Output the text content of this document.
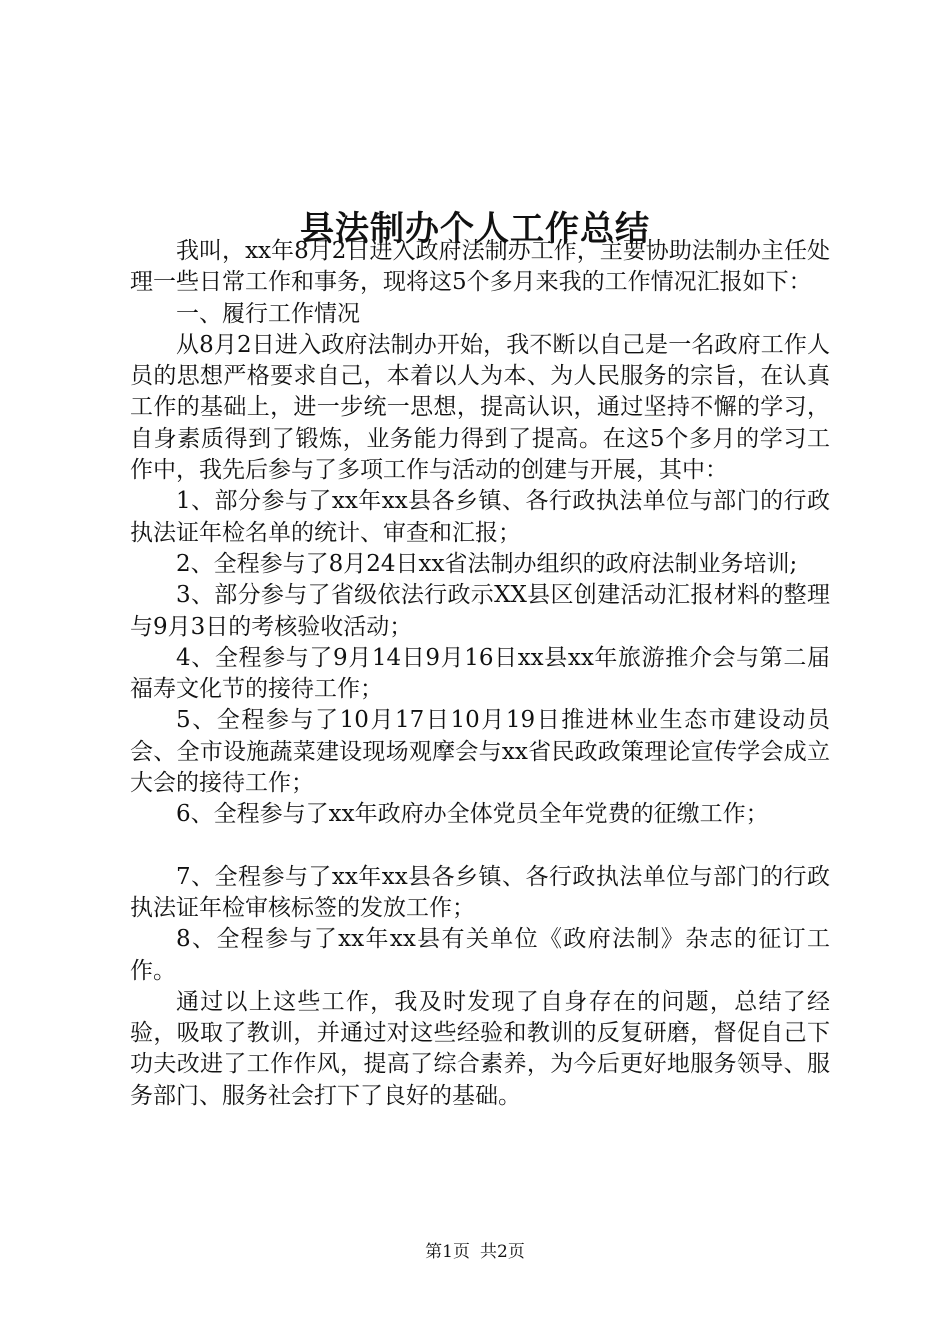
县法制办个人工作总结

我叫，xx年8月2日进入政府法制办工作，主要协助法制办主任处理一些日常工作和事务，现将这5个多月来我的工作情况汇报如下：

一、履行工作情况

从8月2日进入政府法制办开始，我不断以自己是一名政府工作人员的思想严格要求自己，本着以人为本、为人民服务的宗旨，在认真工作的基础上，进一步统一思想，提高认识，通过坚持不懈的学习，自身素质得到了锻炼，业务能力得到了提高。在这5个多月的学习工作中，我先后参与了多项工作与活动的创建与开展，其中：

1、部分参与了xx年xx县各乡镇、各行政执法单位与部门的行政执法证年检名单的统计、审查和汇报；

2、全程参与了8月24日xx省法制办组织的政府法制业务培训;

3、部分参与了省级依法行政示XX县区创建活动汇报材料的整理与9月3日的考核验收活动；

4、全程参与了9月14日9月16日xx县xx年旅游推介会与第二届福寿文化节的接待工作；

5、全程参与了10月17日10月19日推进林业生态市建设动员会、全市设施蔬菜建设现场观摩会与xx省民政政策理论宣传学会成立大会的接待工作；

6、全程参与了xx年政府办全体党员全年党费的征缴工作；

7、全程参与了xx年xx县各乡镇、各行政执法单位与部门的行政执法证年检审核标签的发放工作；

8、全程参与了xx年xx县有关单位《政府法制》杂志的征订工作。

通过以上这些工作，我及时发现了自身存在的问题，总结了经验，吸取了教训，并通过对这些经验和教训的反复研磨，督促自己下功夫改进了工作作风，提高了综合素养，为今后更好地服务领导、服务部门、服务社会打下了良好的基础。

第1页 共2页
